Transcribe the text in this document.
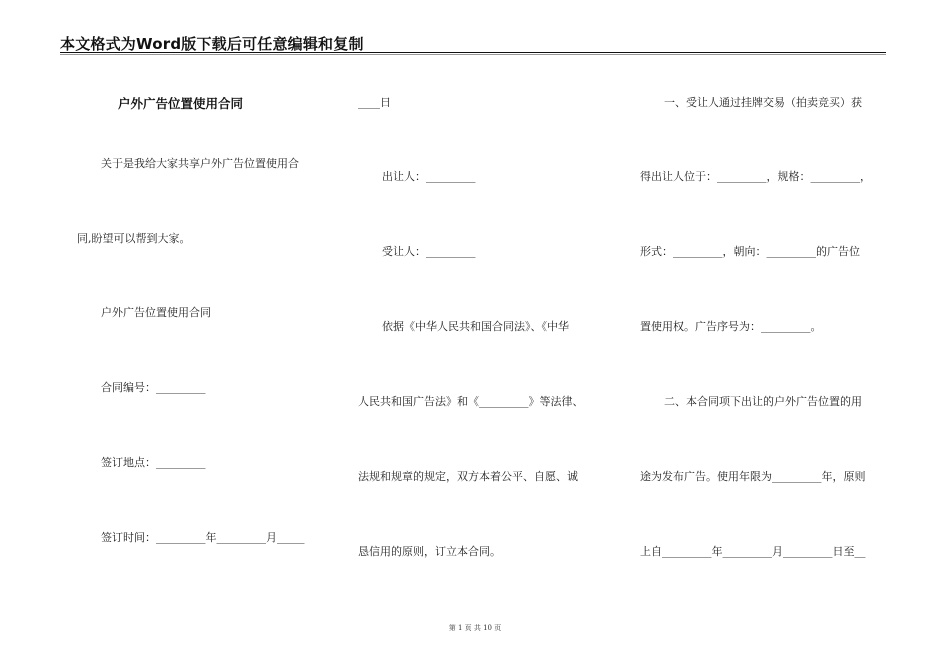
本文格式为Word版下载后可任意编辑和复制
户外广告位置使用合同
关于是我给大家共享户外广告位置使用合
同,盼望可以帮到大家。
户外广告位置使用合同
合同编号：_________
签订地点：_________
签订时间：_________年_________月_____
____日
出让人：_________
受让人：_________
依据《中华人民共和国合同法》、《中华
人民共和国广告法》和《_________》等法律、
法规和规章的规定，双方本着公平、自愿、诚
恳信用的原则，订立本合同。
一、受让人通过挂牌交易（拍卖竞买）获
得出让人位于：_________，规格：_________，
形式：_________，朝向：_________的广告位
置使用权。广告序号为：_________。
二、本合同项下出让的户外广告位置的用
途为发布广告。使用年限为_________年，原则
上自_________年_________月_________日至__
第 1 页 共 10 页
